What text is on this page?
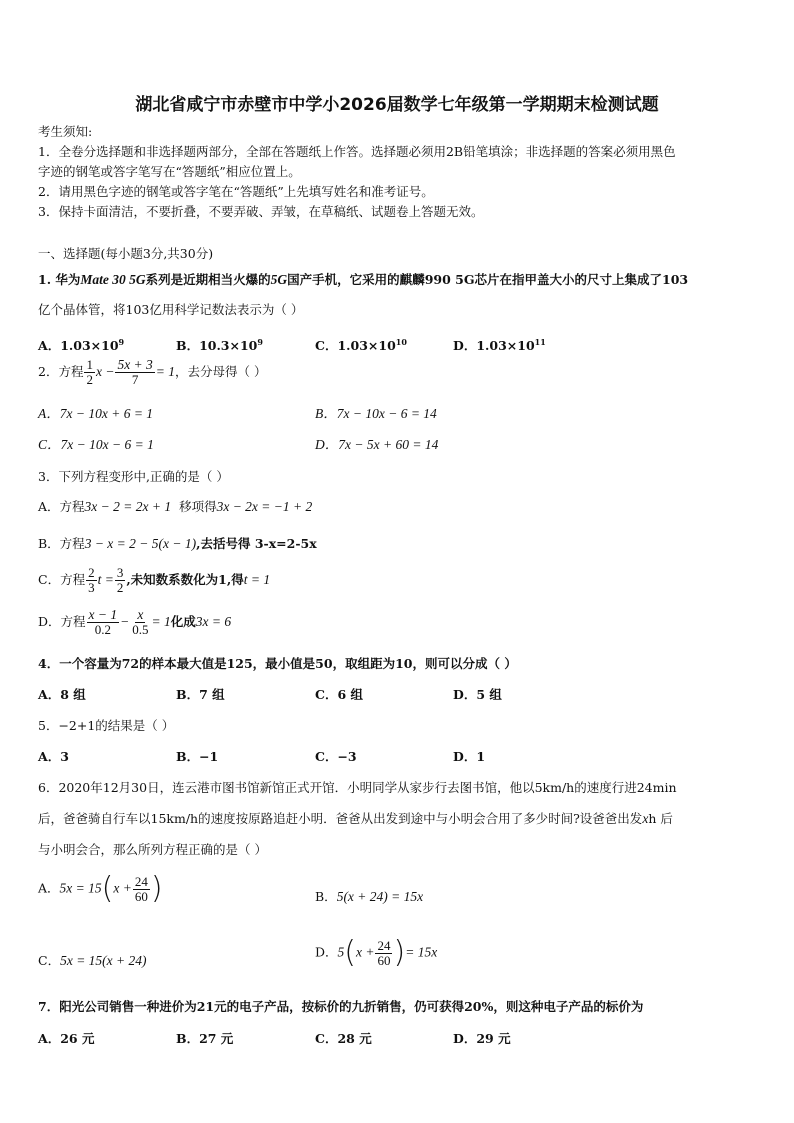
湖北省咸宁市赤壁市中学小2026届数学七年级第一学期期末检测试题
考生须知:
1．全卷分选择题和非选择题两部分，全部在答题纸上作答。选择题必须用2B铅笔填涂；非选择题的答案必须用黑色
字迹的钢笔或答字笔写在“答题纸”相应位置上。
2．请用黑色字迹的钢笔或答字笔在“答题纸”上先填写姓名和准考证号。
3．保持卡面清洁，不要折叠，不要弄破、弄皱，在草稿纸、试题卷上答题无效。
一、选择题(每小题3分,共30分)
1. 华为Mate 30 5G系列是近期相当火爆的5G国产手机，它采用的麒麟990 5G芯片在指甲盖大小的尺寸上集成了103
亿个晶体管，将103亿用科学记数法表示为（ ）
A．$1.03\times 10^9$	B．$10.3\times 10^9$	C．$1.03\times 10^{10}$	D．$1.03\times 10^{11}$
2．方程 $\frac{1}{2}$ $x - \frac{5x + 3}{7} = 1$，去分母得（ ）
A．7x − 10x + 6 = 1	B．7x − 10x − 6 = 14
C．7x − 10x − 6 = 1	D．7x − 5x + 60 = 14
3．下列方程变形中,正确的是（ ）
A．方程3x − 2 = 2x + 1 移项得3x − 2x = −1 + 2
B．方程3 − x = 2 − 5(x − 1),去括号得 3-x=2-5x
C．方程 $\frac{2}{3}$ $t = \frac{3}{2}$ ,未知数系数化为1,得t = 1
D．方程 $\frac{x - 1}{0.2} - \frac{x}{0.5} = 1$化成3x = 6
4．一个容量为72的样本最大值是125，最小值是50，取组距为10，则可以分成（ ）
A．8 组	B．7 组	C．6 组	D．5 组
5．−2+1的结果是（ ）
A．3	B．−1	C．−3	D．1
6．2020年12月30日，连云港市图书馆新馆正式开馆．小明同学从家步行去图书馆，他以5km/h的速度行进24min
后，爸爸骑自行车以15km/h的速度按原路追赶小明．爸爸从出发到途中与小明会合用了多少时间?设爸爸出发xh 后
与小明会合，那么所列方程正确的是（ ）
A．$5x = 15(x + \frac{24}{60}$ )	B．5(x + 24) = 15x
C．5x = 15(x + 24)
D．$5(x + \frac{24}{60}$ )= 15x
7．阳光公司销售一种进价为21元的电子产品，按标价的九折销售，仍可获得20%，则这种电子产品的标价为
A．26 元	B．27 元	C．28 元	D．29 元
